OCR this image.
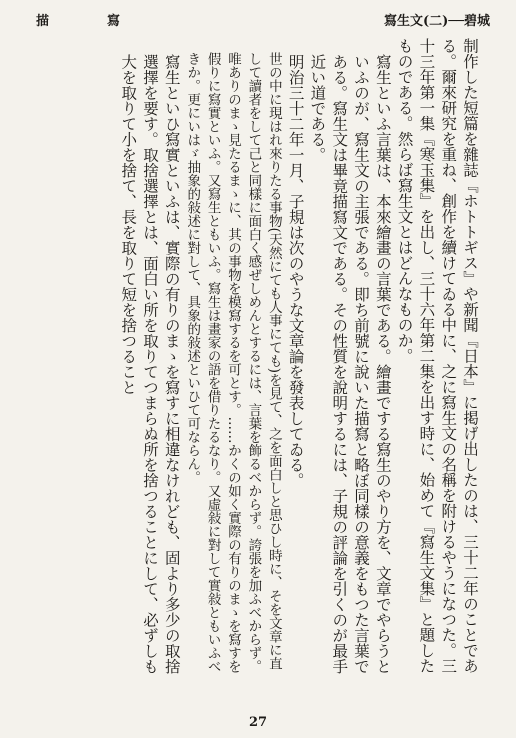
描寫	寫生文(二)──碧城

制作した短篇を雜誌『ホトトギス』や新聞『日本』に掲げ出したのは、三十二年のことである。爾來研究を重ね、創作を續けてゐる中に、之に寫生文の名稱を附けるやうになつた。三十三年第一集『寒玉集』を出し、三十六年第二集を出す時に、始めて『寫生文集』と題したものである。然らば寫生文とはどんなものか。

寫生といふ言葉は、本來繪畫の言葉である。繪畫でする寫生のやり方を、文章でやらうといふのが、寫生文の主張である。即ち前號に說いた描寫と略ぼ同樣の意義をもつた言葉である。寫生文は畢竟描寫文である。その性質を說明するには、子規の評論を引くのが最手近い道である。

明治三十二年一月、子規は次のやうな文章論を發表してゐる。

世の中に現はれ來りたる事物(天然にても人事にても)を見て、之を面白しと思ひし時に、そを文章に直して讀者をして己と同樣に面白く感ぜしめんとするには、言葉を飾るべからず。誇張を加ふべからず。唯ありのまゝ見たるまゝに、其の事物を模寫するを可とす。……かくの如く實際の有りのまゝを寫すを假りに寫實といふ。又寫生ともいふ。寫生は畫家の語を借りたるなり。又虛敍に對して實敍ともいふべきか。更にいはゞ抽象的敍述に對して、具象的敍述といひて可ならん。

寫生といひ寫實といふは、實際の有りのまゝを寫すに相違なけれども、固より多少の取捨選擇を要す。取捨選擇とは、面白い所を取りてつまらぬ所を捨つることにして、必ずしも大を取りて小を捨て、長を取りて短を捨つること

27
